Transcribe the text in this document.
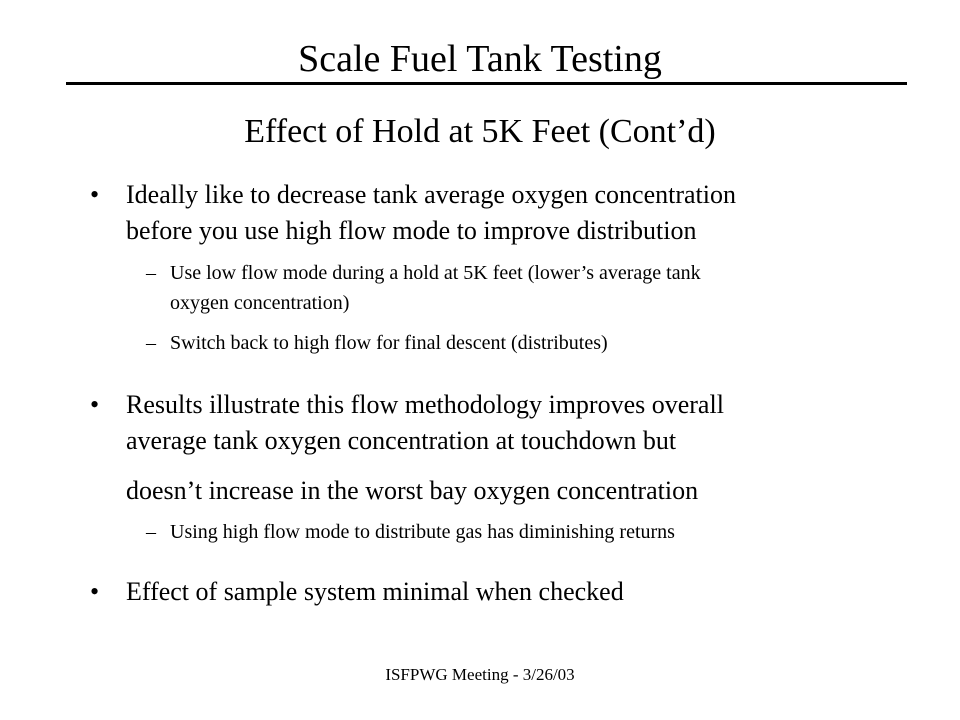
Scale Fuel Tank Testing
Effect of Hold at 5K Feet (Cont’d)
• Ideally like to decrease tank average oxygen concentration
before you use high flow mode to improve distribution
– Use low flow mode during a hold at 5K feet (lower’s average tank
oxygen concentration)
– Switch back to high flow for final descent (distributes)
• Results illustrate this flow methodology improves overall
average tank oxygen concentration at touchdown but
doesn’t increase in the worst bay oxygen concentration
– Using high flow mode to distribute gas has diminishing returns
• Effect of sample system minimal when checked
ISFPWG Meeting - 3/26/03
